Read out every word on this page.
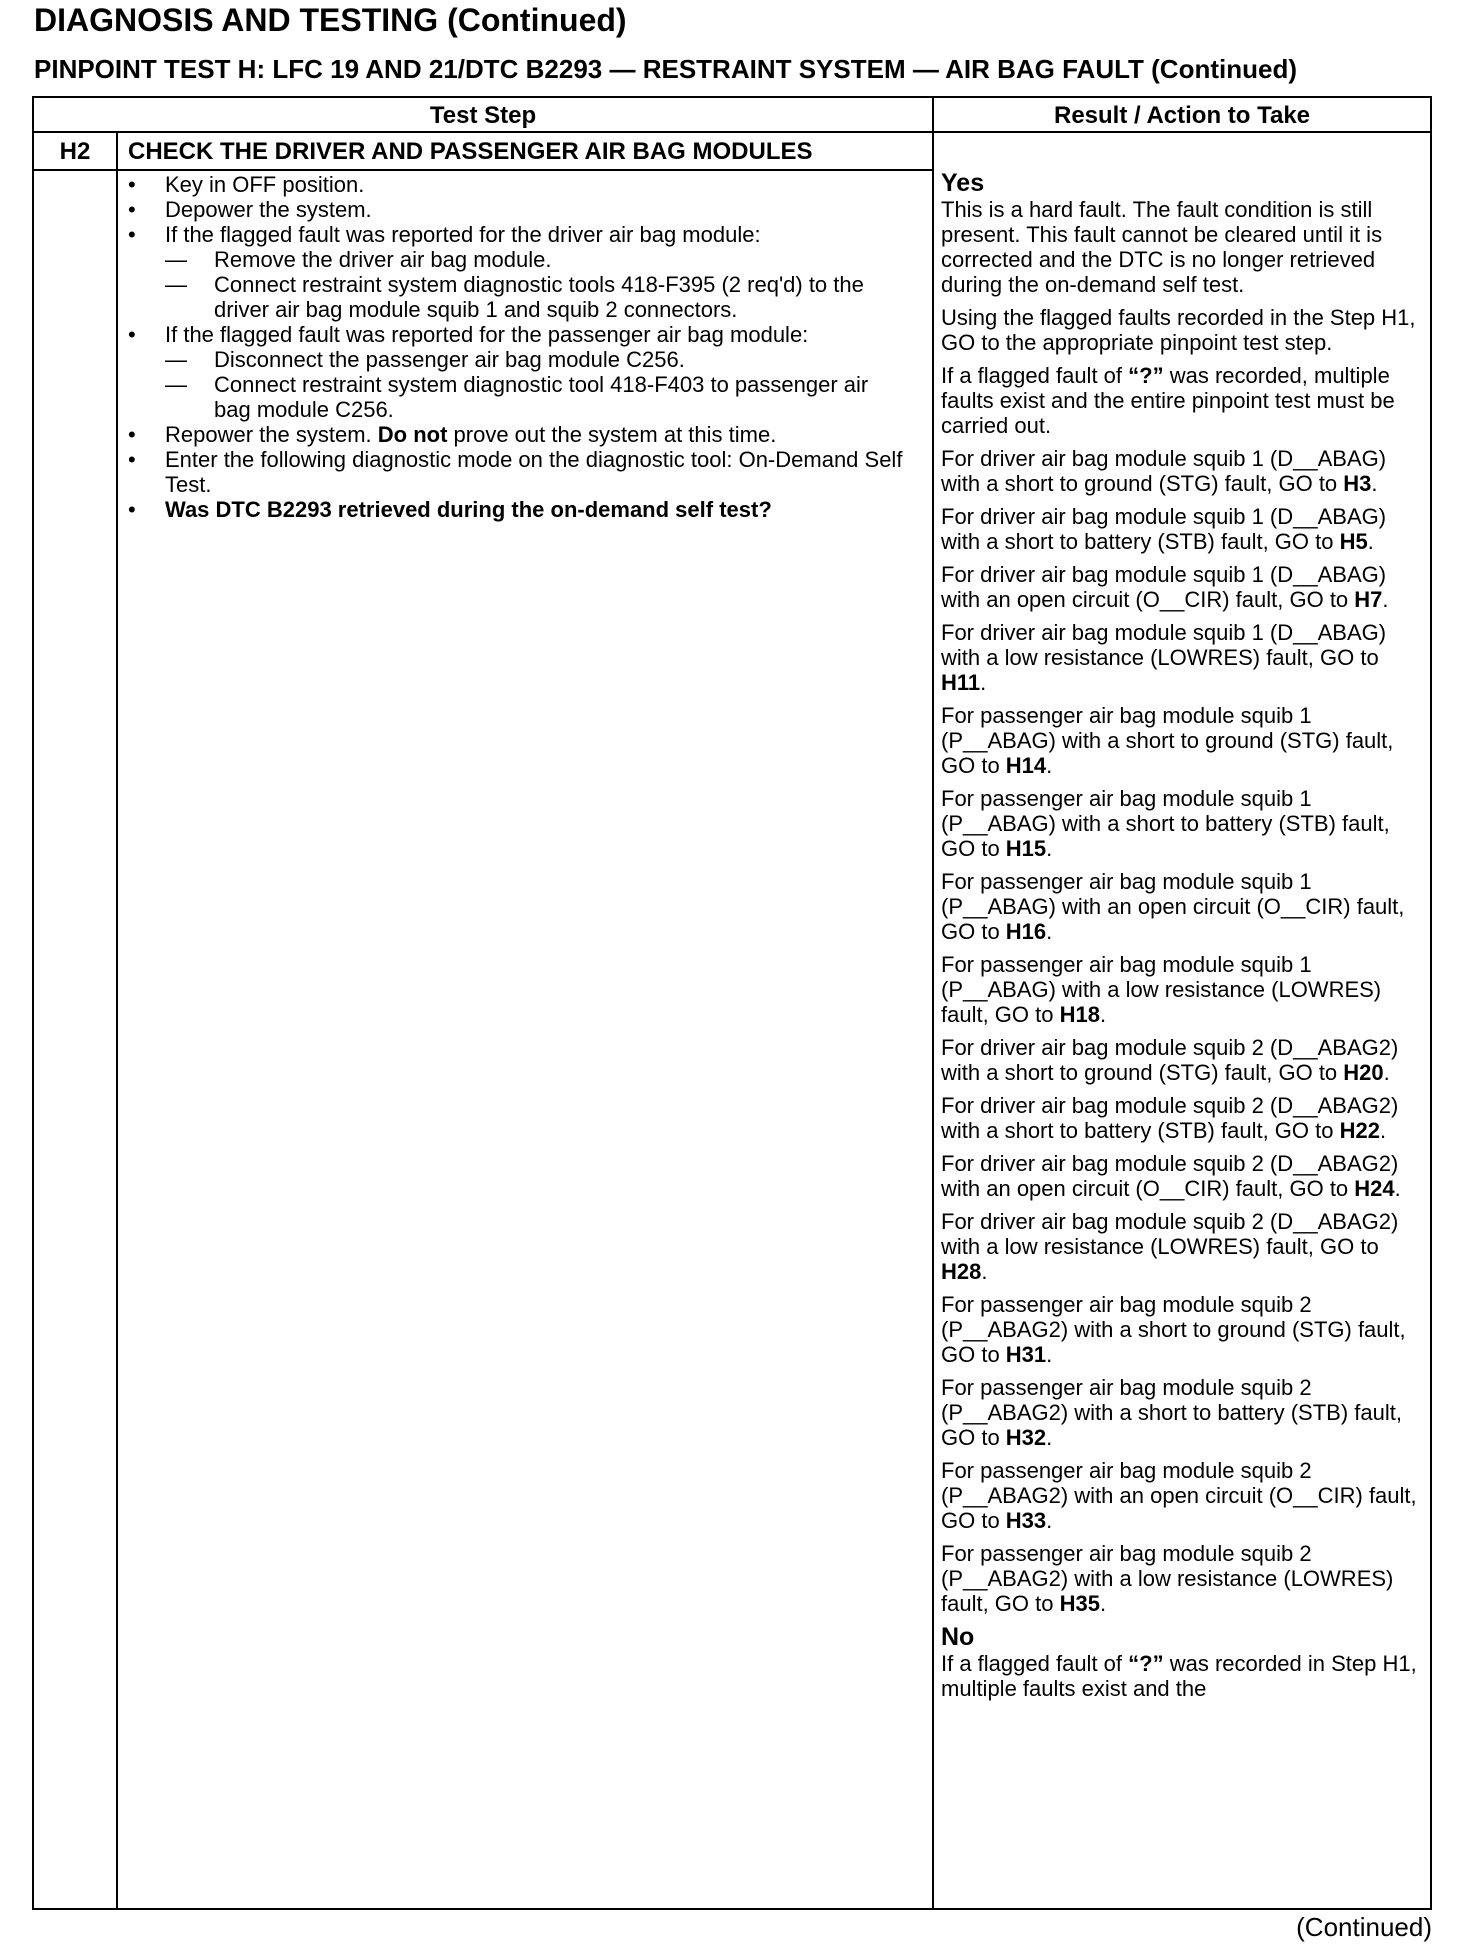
DIAGNOSIS AND TESTING (Continued)
PINPOINT TEST H: LFC 19 AND 21/DTC B2293 — RESTRAINT SYSTEM — AIR BAG FAULT (Continued)
Test Step	Result / Action to Take
H2	CHECK THE DRIVER AND PASSENGER AIR BAG MODULES
• Key in OFF position.
• Depower the system.
• If the flagged fault was reported for the driver air bag module:
— Remove the driver air bag module.
— Connect restraint system diagnostic tools 418-F395 (2 req'd) to the driver air bag module squib 1 and squib 2 connectors.
• If the flagged fault was reported for the passenger air bag module:
— Disconnect the passenger air bag module C256.
— Connect restraint system diagnostic tool 418-F403 to passenger air bag module C256.
• Repower the system. Do not prove out the system at this time.
• Enter the following diagnostic mode on the diagnostic tool: On-Demand Self Test.
• Was DTC B2293 retrieved during the on-demand self test?
Yes

This is a hard fault. The fault condition is still present. This fault cannot be cleared until it is corrected and the DTC is no longer retrieved during the on-demand self test.

Using the flagged faults recorded in the Step H1, GO to the appropriate pinpoint test step.

If a flagged fault of “?” was recorded, multiple faults exist and the entire pinpoint test must be carried out.

For driver air bag module squib 1 (D__ABAG) with a short to ground (STG) fault, GO to H3.

For driver air bag module squib 1 (D__ABAG) with a short to battery (STB) fault, GO to H5.

For driver air bag module squib 1 (D__ABAG) with an open circuit (O__CIR) fault, GO to H7.

For driver air bag module squib 1 (D__ABAG) with a low resistance (LOWRES) fault, GO to H11.

For passenger air bag module squib 1 (P__ABAG) with a short to ground (STG) fault, GO to H14.

For passenger air bag module squib 1 (P__ABAG) with a short to battery (STB) fault, GO to H15.

For passenger air bag module squib 1 (P__ABAG) with an open circuit (O__CIR) fault, GO to H16.

For passenger air bag module squib 1 (P__ABAG) with a low resistance (LOWRES) fault, GO to H18.

For driver air bag module squib 2 (D__ABAG2) with a short to ground (STG) fault, GO to H20.

For driver air bag module squib 2 (D__ABAG2) with a short to battery (STB) fault, GO to H22.

For driver air bag module squib 2 (D__ABAG2) with an open circuit (O__CIR) fault, GO to H24.

For driver air bag module squib 2 (D__ABAG2) with a low resistance (LOWRES) fault, GO to H28.

For passenger air bag module squib 2 (P__ABAG2) with a short to ground (STG) fault, GO to H31.

For passenger air bag module squib 2 (P__ABAG2) with a short to battery (STB) fault, GO to H32.

For passenger air bag module squib 2 (P__ABAG2) with an open circuit (O__CIR) fault, GO to H33.

For passenger air bag module squib 2 (P__ABAG2) with a low resistance (LOWRES) fault, GO to H35.

No

If a flagged fault of “?” was recorded in Step H1, multiple faults exist and the

(Continued)
